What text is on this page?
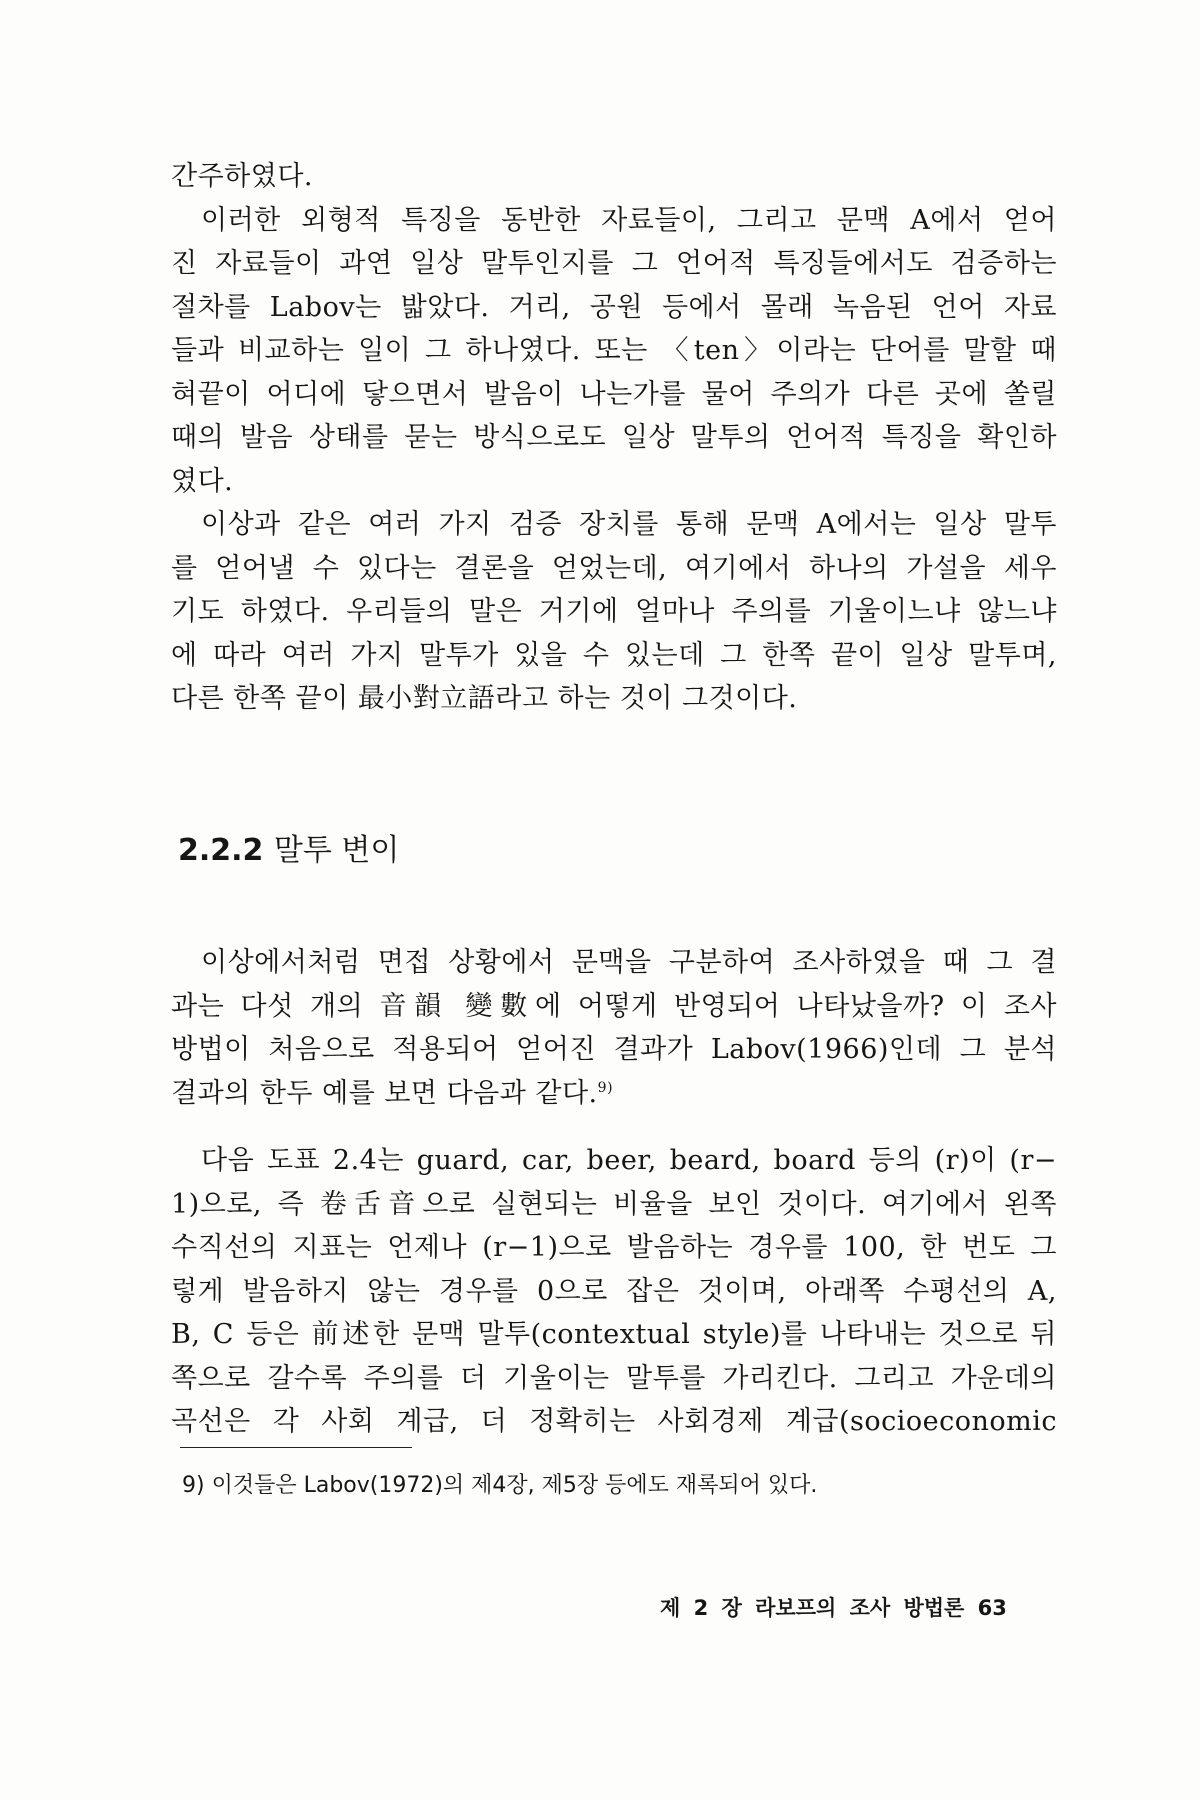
간주하였다.
이러한 외형적 특징을 동반한 자료들이, 그리고 문맥 A에서 얻어
진 자료들이 과연 일상 말투인지를 그 언어적 특징들에서도 검증하는
절차를 Labov는 밟았다. 거리, 공원 등에서 몰래 녹음된 언어 자료
들과 비교하는 일이 그 하나였다. 또는 〈ten〉이라는 단어를 말할 때
혀끝이 어디에 닿으면서 발음이 나는가를 물어 주의가 다른 곳에 쏠릴
때의 발음 상태를 묻는 방식으로도 일상 말투의 언어적 특징을 확인하
였다.
이상과 같은 여러 가지 검증 장치를 통해 문맥 A에서는 일상 말투
를 얻어낼 수 있다는 결론을 얻었는데, 여기에서 하나의 가설을 세우
기도 하였다. 우리들의 말은 거기에 얼마나 주의를 기울이느냐 않느냐
에 따라 여러 가지 말투가 있을 수 있는데 그 한쪽 끝이 일상 말투며,
다른 한쪽 끝이 最小對立語라고 하는 것이 그것이다.
2.2.2 말투 변이
이상에서처럼 면접 상황에서 문맥을 구분하여 조사하였을 때 그 결
과는 다섯 개의 音韻 變數에 어떻게 반영되어 나타났을까? 이 조사
방법이 처음으로 적용되어 얻어진 결과가 Labov(1966)인데 그 분석
결과의 한두 예를 보면 다음과 같다.$^{9)}$
다음 도표 2.4는 guard, car, beer, beard, board 등의 (r)이 (r−
1)으로, 즉 卷舌音으로 실현되는 비율을 보인 것이다. 여기에서 왼쪽
수직선의 지표는 언제나 (r−1)으로 발음하는 경우를 100, 한 번도 그
렇게 발음하지 않는 경우를 0으로 잡은 것이며, 아래쪽 수평선의 A,
B, C 등은 前述한 문맥 말투(contextual style)를 나타내는 것으로 뒤
쪽으로 갈수록 주의를 더 기울이는 말투를 가리킨다. 그리고 가운데의
곡선은 각 사회 계급, 더 정확히는 사회경제 계급(socioeconomic
9) 이것들은 Labov(1972)의 제4장, 제5장 등에도 재록되어 있다.
제 2 장 라보프의 조사 방법론 63
